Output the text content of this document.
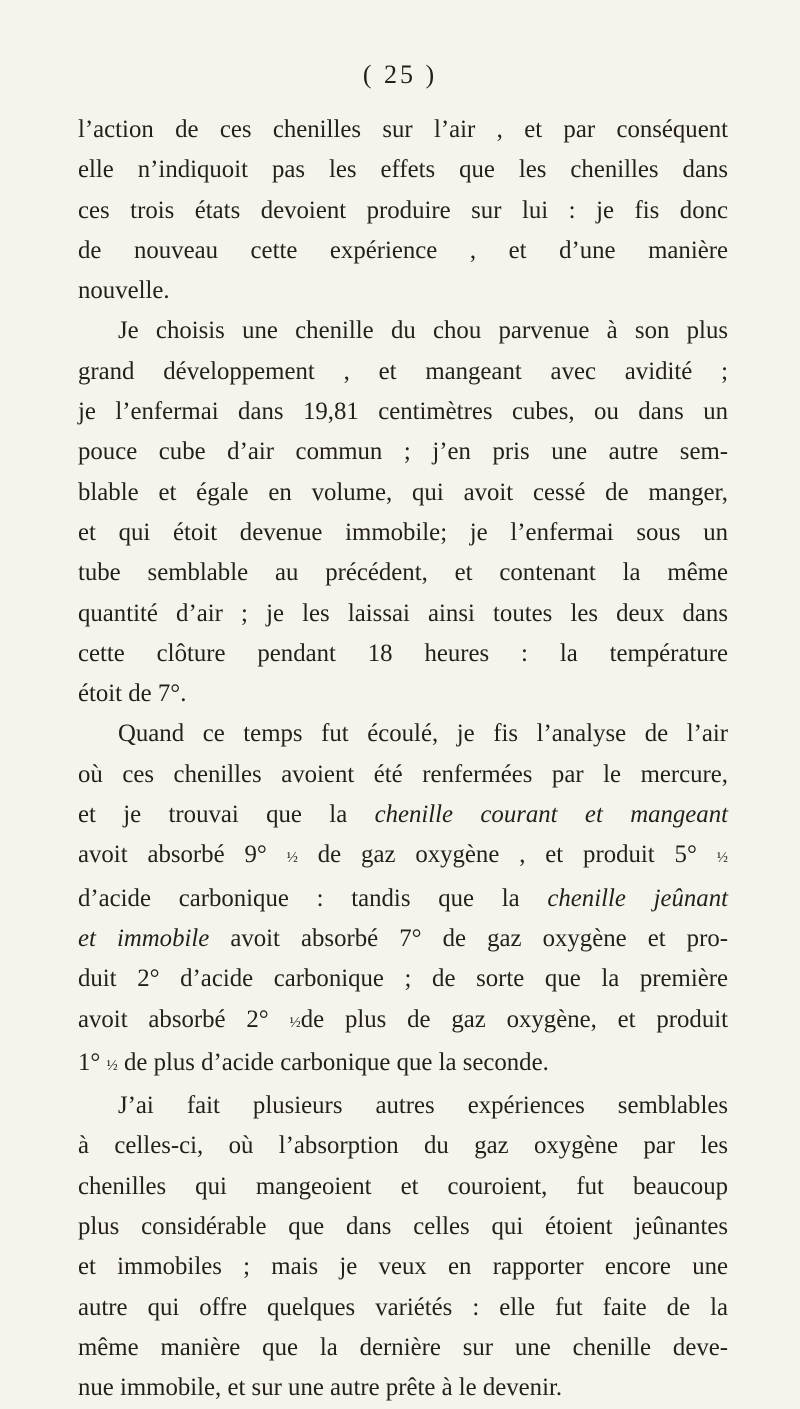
( 25 )

l’action de ces chenilles sur l’air , et par conséquent
elle n’indiquoit pas les effets que les chenilles dans
ces trois états devoient produire sur lui : je fis donc
de nouveau cette expérience , et d’une manière
nouvelle.

Je choisis une chenille du chou parvenue à son plus
grand développement , et mangeant avec avidité ;
je l’enfermai dans 19,81 centimètres cubes, ou dans un
pouce cube d’air commun ; j’en pris une autre sem-
blable et égale en volume, qui avoit cessé de manger,
et qui étoit devenue immobile; je l’enfermai sous un
tube semblable au précédent, et contenant la même
quantité d’air ; je les laissai ainsi toutes les deux dans
cette clôture pendant 18 heures : la température
étoit de 7°.

Quand ce temps fut écoulé, je fis l’analyse de l’air
où ces chenilles avoient été renfermées par le mercure,
et je trouvai que la chenille courant et mangeant
avoit absorbé 9° ½ de gaz oxygène , et produit 5° ½
d’acide carbonique : tandis que la chenille jeûnant
et immobile avoit absorbé 7° de gaz oxygène et pro-
duit 2° d’acide carbonique ; de sorte que la première
avoit absorbé 2° ½de plus de gaz oxygène, et produit
1° ½ de plus d’acide carbonique que la seconde.

J’ai fait plusieurs autres expériences semblables
à celles-ci, où l’absorption du gaz oxygène par les
chenilles qui mangeoient et couroient, fut beaucoup
plus considérable que dans celles qui étoient jeûnantes
et immobiles ; mais je veux en rapporter encore une
autre qui offre quelques variétés : elle fut faite de la
même manière que la dernière sur une chenille deve-
nue immobile, et sur une autre prête à le devenir.
